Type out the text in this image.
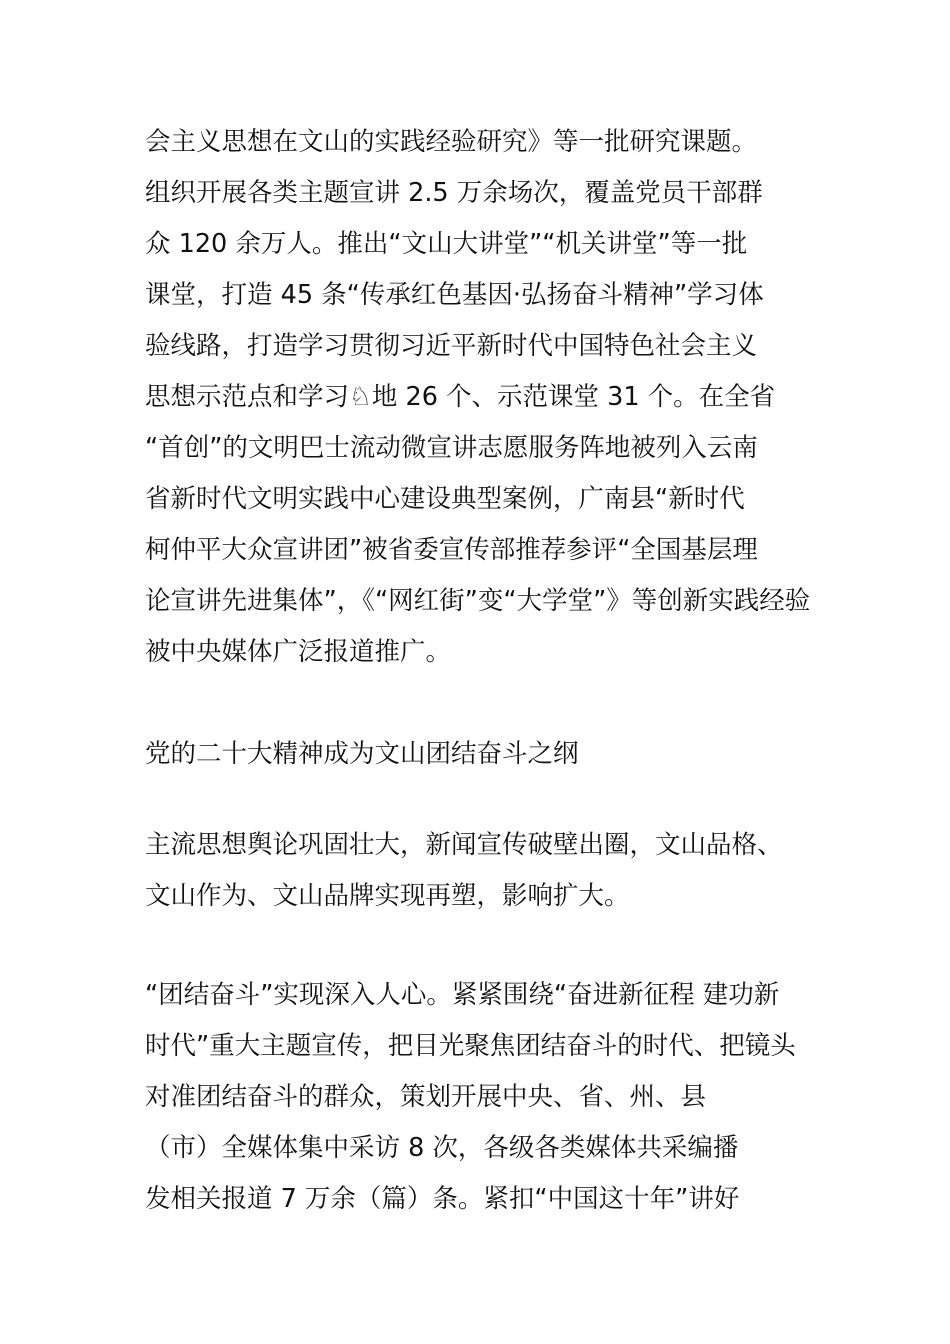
会主义思想在文山的实践经验研究》等一批研究课题。
组织开展各类主题宣讲 2.5 万余场次，覆盖党员干部群
众 120 余万人。推出“文山大讲堂”“机关讲堂”等一批
课堂，打造 45 条“传承红色基因·弘扬奋斗精神”学习体
验线路，打造学习贯彻习近平新时代中国特色社会主义
思想示范点和学习♘地 26 个、示范课堂 31 个。在全省
“首创”的文明巴士流动微宣讲志愿服务阵地被列入云南
省新时代文明实践中心建设典型案例，广南县“新时代
柯仲平大众宣讲团”被省委宣传部推荐参评“全国基层理
论宣讲先进集体”，《“网红街”变“大学堂”》等创新实践经验
被中央媒体广泛报道推广。
党的二十大精神成为文山团结奋斗之纲
主流思想舆论巩固壮大，新闻宣传破壁出圈，文山品格、
文山作为、文山品牌实现再塑，影响扩大。
“团结奋斗”实现深入人心。紧紧围绕“奋进新征程 建功新
时代”重大主题宣传，把目光聚焦团结奋斗的时代、把镜头
对准团结奋斗的群众，策划开展中央、省、州、县
（市）全媒体集中采访 8 次，各级各类媒体共采编播
发相关报道 7 万余（篇）条。紧扣“中国这十年”讲好
